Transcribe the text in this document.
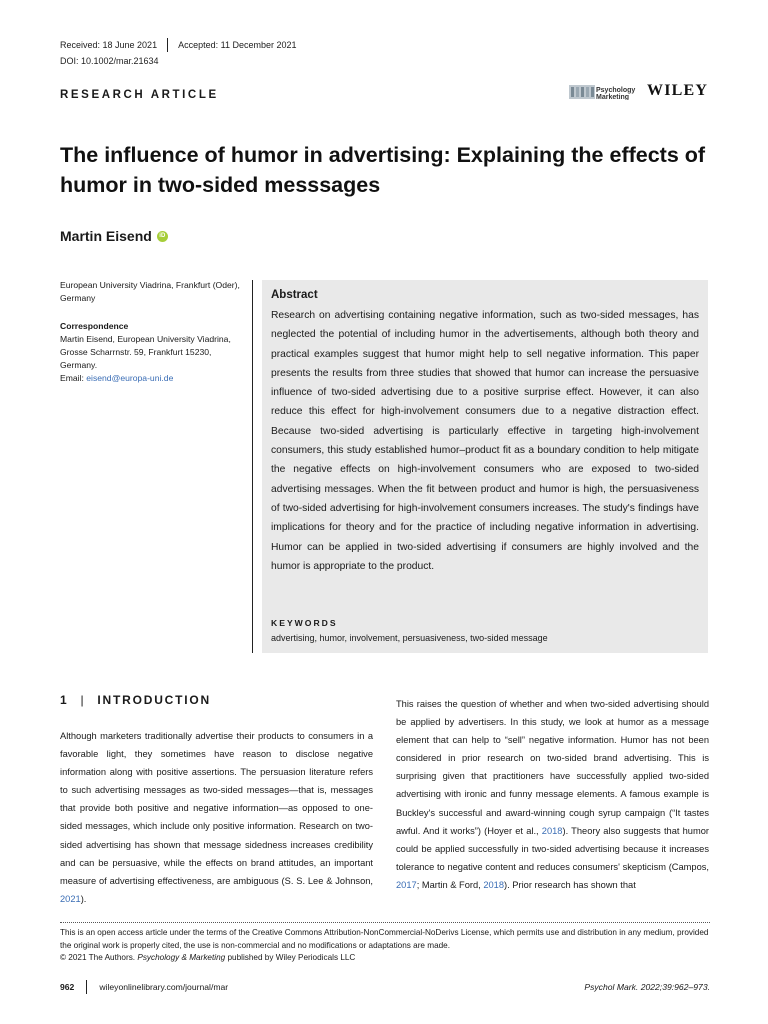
Received: 18 June 2021 Accepted: 11 December 2021
DOI: 10.1002/mar.21634
RESEARCH ARTICLE	Psychology
Marketing WILEY
The influence of humor in advertising: Explaining the effects of humor in two-sided messsages
Martin Eisend	iD
European University Viadrina, Frankfurt (Oder), Germany
Correspondence
Martin Eisend, European University Viadrina,
Grosse Scharrnstr. 59, Frankfurt 15230,
Germany.
Email: eisend@europa-uni.de
Abstract
Research on advertising containing negative information, such as two-sided messages, has neglected the potential of including humor in the advertisements, although both theory and practical examples suggest that humor might help to sell negative information. This paper presents the results from three studies that showed that humor can increase the persuasive influence of two-sided advertising due to a positive surprise effect. However, it can also reduce this effect for high-involvement consumers due to a negative distraction effect. Because two-sided advertising is particularly effective in targeting high-involvement consumers, this study established humor–product fit as a boundary condition to help mitigate the negative effects on high-involvement consumers who are exposed to two-sided advertising messages. When the fit between product and humor is high, the persuasiveness of two-sided advertising for high-involvement consumers increases. The study's findings have implications for theory and for the practice of including negative information in advertising. Humor can be applied in two-sided advertising if consumers are highly involved and the humor is appropriate to the product.
KEYWORDS
advertising, humor, involvement, persuasiveness, two-sided message
1 | INTRODUCTION
Although marketers traditionally advertise their products to consumers in a favorable light, they sometimes have reason to disclose negative information along with positive assertions. The persuasion literature refers to such advertising messages as two-sided messages—that is, messages that provide both positive and negative information—as opposed to one-sided messages, which include only positive information. Research on two-sided advertising has shown that message sidedness increases credibility and can be persuasive, while the effects on brand attitudes, an important measure of advertising effectiveness, are ambiguous (S. S. Lee & Johnson, 2021).
This raises the question of whether and when two-sided advertising should be applied by advertisers. In this study, we look at humor as a message element that can help to “sell” negative information. Humor has not been considered in prior research on two-sided brand advertising. This is surprising given that practitioners have successfully applied two-sided advertising with ironic and funny message elements. A famous example is Buckley's successful and award-winning cough syrup campaign (“It tastes awful. And it works”) (Hoyer et al., 2018). Theory also suggests that humor could be applied successfully in two-sided advertising because it increases tolerance to negative content and reduces consumers' skepticism (Campos, 2017; Martin & Ford, 2018). Prior research has shown that
This is an open access article under the terms of the Creative Commons Attribution-NonCommercial-NoDerivs License, which permits use and distribution in any medium, provided the original work is properly cited, the use is non-commercial and no modifications or adaptations are made.
© 2021 The Authors. Psychology & Marketing published by Wiley Periodicals LLC
962	wileyonlinelibrary.com/journal/mar	Psychol Mark. 2022;39:962–973.
